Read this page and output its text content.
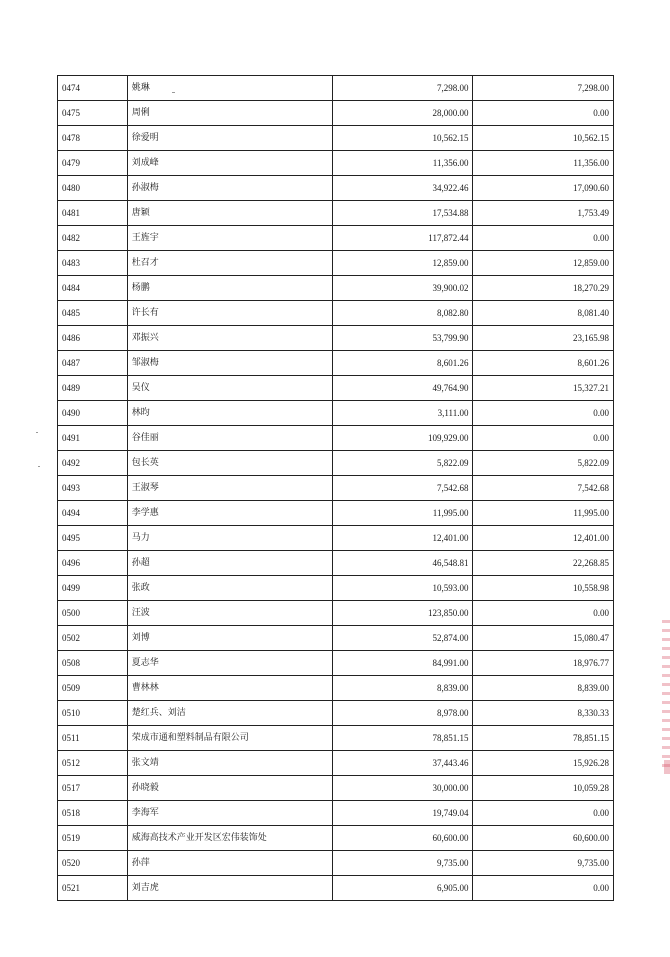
0474	姚琳	7,298.00	7,298.00
0475	周俐	28,000.00	0.00
0478	徐爱明	10,562.15	10,562.15
0479	刘成峰	11,356.00	11,356.00
0480	孙淑梅	34,922.46	17,090.60
0481	唐颖	17,534.88	1,753.49
0482	王旌宇	117,872.44	0.00
0483	杜召才	12,859.00	12,859.00
0484	杨鹏	39,900.02	18,270.29
0485	许长有	8,082.80	8,081.40
0486	邓振兴	53,799.90	23,165.98
0487	邹淑梅	8,601.26	8,601.26
0489	吴仪	49,764.90	15,327.21
0490	林昀	3,111.00	0.00
0491	谷佳丽	109,929.00	0.00
0492	包长英	5,822.09	5,822.09
0493	王淑琴	7,542.68	7,542.68
0494	李学惠	11,995.00	11,995.00
0495	马力	12,401.00	12,401.00
0496	孙超	46,548.81	22,268.85
0499	张政	10,593.00	10,558.98
0500	汪波	123,850.00	0.00
0502	刘博	52,874.00	15,080.47
0508	夏志华	84,991.00	18,976.77
0509	曹林林	8,839.00	8,839.00
0510	楚红兵、刘洁	8,978.00	8,330.33
0511	荣成市通和塑料制品有限公司	78,851.15	78,851.15
0512	张文靖	37,443.46	15,926.28
0517	孙晓毅	30,000.00	10,059.28
0518	李海军	19,749.04	0.00
0519	威海高技术产业开发区宏伟装饰处	60,600.00	60,600.00
0520	孙萍	9,735.00	9,735.00
0521	刘吉虎	6,905.00	0.00
